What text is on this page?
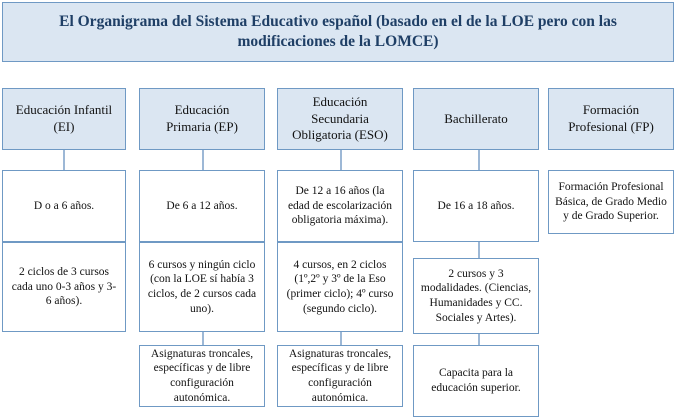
El Organigrama del Sistema Educativo español (basado en el de la LOE pero con las modificaciones de la LOMCE)
Educación Infantil (EI)
D o a 6 años.
2 ciclos de 3 cursos cada uno 0-3 años y 3-6 años).
Educación Primaria (EP)
De 6 a 12 años.
6 cursos y ningún ciclo (con la LOE sí había 3 ciclos, de 2 cursos cada uno).
Asignaturas troncales, específicas y de libre configuración autonómica.
Educación Secundaria Obligatoria (ESO)
De 12 a 16 años (la edad de escolarización obligatoria máxima).
4 cursos, en 2 ciclos (1º,2º y 3º de la Eso (primer ciclo); 4º curso (segundo ciclo).
Asignaturas troncales, específicas y de libre configuración autonómica.
Bachillerato
De 16 a 18 años.
2 cursos y 3 modalidades. (Ciencias, Humanidades y CC. Sociales y Artes).
Capacita para la educación superior.
Formación Profesional (FP)
Formación Profesional Básica, de Grado Medio y de Grado Superior.
